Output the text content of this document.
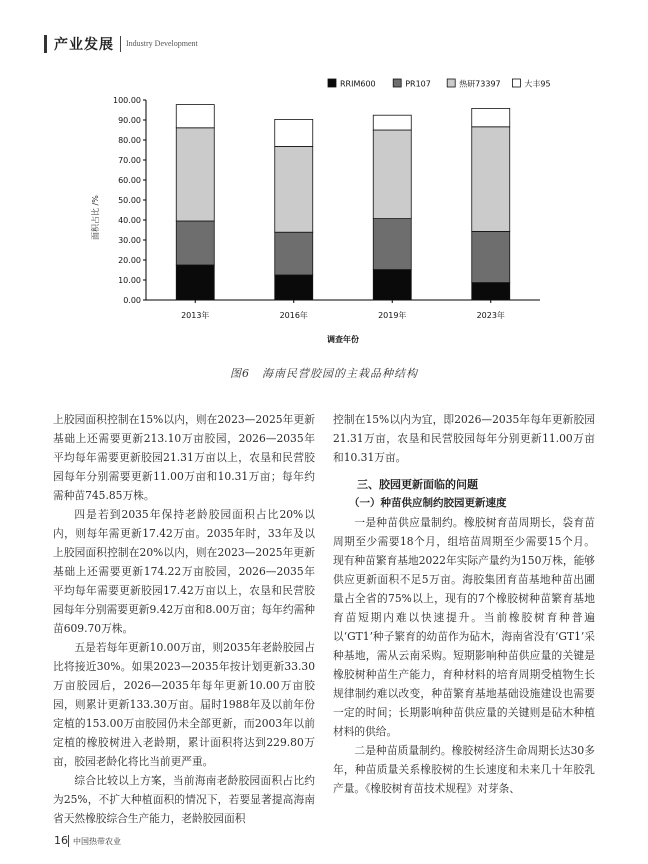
产业发展 Industry Development
0.00
10.00
20.00
30.00
40.00
50.00
60.00
70.00
80.00
90.00
100.00
2013年	2016年	2019年	2023年
调查年份
RRIM600	PR107	热研73397	大丰95
面积占比 /%
图6　海南民营胶园的主栽品种结构

上胶园面积控制在15%以内，则在2023—2025年更新基础上还需要更新213.10万亩胶园，2026—2035年平均每年需要更新胶园21.31万亩以上，农垦和民营胶园每年分别需要更新11.00万亩和10.31万亩；每年约需种苗745.85万株。

四是若到2035年保持老龄胶园面积占比20%以内，则每年需更新17.42万亩。2035年时，33年及以上胶园面积控制在20%以内，则在2023—2025年更新基础上还需要更新174.22万亩胶园，2026—2035年平均每年需要更新胶园17.42万亩以上，农垦和民营胶园每年分别需要更新9.42万亩和8.00万亩；每年约需种苗609.70万株。

五是若每年更新10.00万亩，则2035年老龄胶园占比将接近30%。如果2023—2035年按计划更新33.30万亩胶园后，2026—2035年每年更新10.00万亩胶园，则累计更新133.30万亩。届时1988年及以前年份定植的153.00万亩胶园仍未全部更新，而2003年以前定植的橡胶树进入老龄期，累计面积将达到229.80万亩，胶园老龄化将比当前更严重。

综合比较以上方案，当前海南老龄胶园面积占比约为25%，不扩大种植面积的情况下，若要显著提高海南省天然橡胶综合生产能力，老龄胶园面积

控制在15%以内为宜，即2026—2035年每年更新胶园21.31万亩，农垦和民营胶园每年分别更新11.00万亩和10.31万亩。

三、胶园更新面临的问题

（一）种苗供应制约胶园更新速度

一是种苗供应量制约。橡胶树育苗周期长，袋育苗周期至少需要18个月，组培苗周期至少需要15个月。现有种苗繁育基地2022年实际产量约为150万株，能够供应更新面积不足5万亩。海胶集团育苗基地种苗出圃量占全省的75%以上，现有的7个橡胶树种苗繁育基地育苗短期内难以快速提升。当前橡胶树育种普遍以‘GT1’种子繁育的幼苗作为砧木，海南省没有‘GT1’采种基地，需从云南采购。短期影响种苗供应量的关键是橡胶树种苗生产能力，育种材料的培育周期受植物生长规律制约难以改变，种苗繁育基地基础设施建设也需要一定的时间；长期影响种苗供应量的关键则是砧木种植材料的供给。

二是种苗质量制约。橡胶树经济生命周期长达30多年，种苗质量关系橡胶树的生长速度和未来几十年胶乳产量。《橡胶树育苗技术规程》对芽条、

16 中国热带农业
